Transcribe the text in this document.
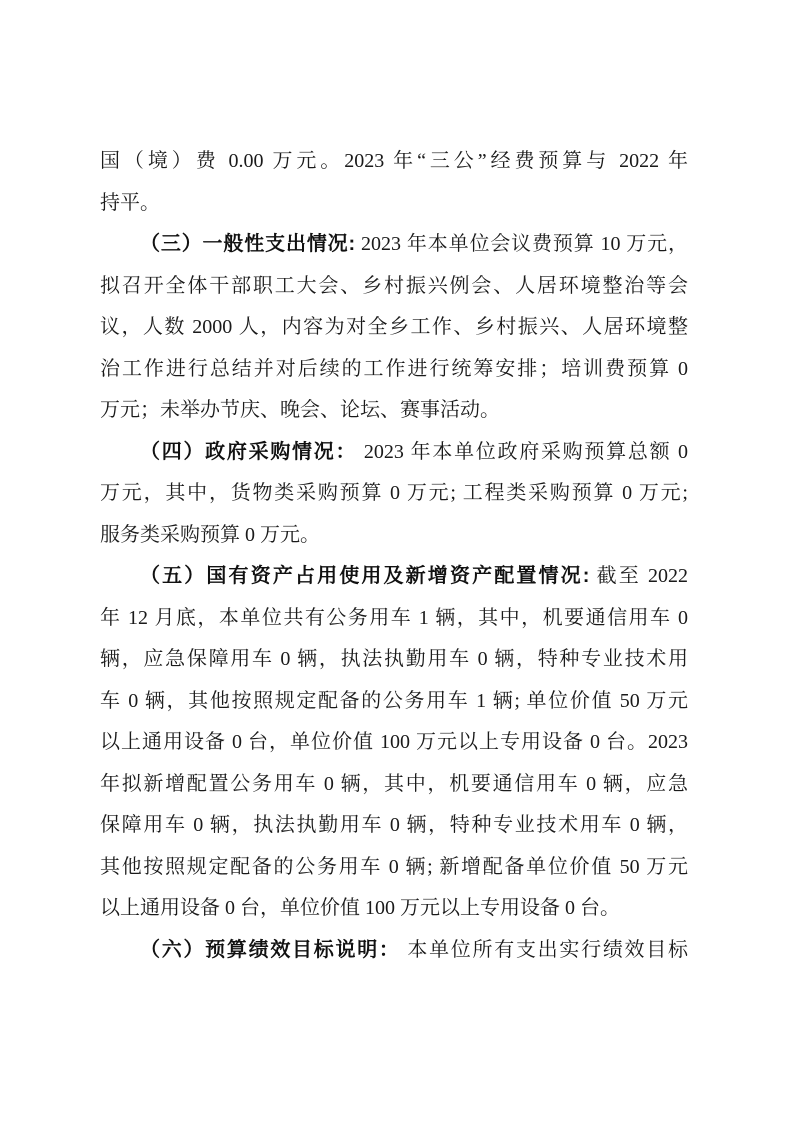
国（境）费 0.00 万元。2023 年“三公”经费预算与 2022 年
持平。
（三）一般性支出情况: 2023 年本单位会议费预算 10 万元，
拟召开全体干部职工大会、乡村振兴例会、人居环境整治等会
议，人数 2000 人，内容为对全乡工作、乡村振兴、人居环境整
治工作进行总结并对后续的工作进行统筹安排；培训费预算 0
万元；未举办节庆、晚会、论坛、赛事活动。
（四）政府采购情况： 2023 年本单位政府采购预算总额 0
万元，其中，货物类采购预算 0 万元; 工程类采购预算 0 万元;
服务类采购预算 0 万元。
（五）国有资产占用使用及新增资产配置情况: 截至 2022
年 12 月底，本单位共有公务用车 1 辆，其中，机要通信用车 0
辆，应急保障用车 0 辆，执法执勤用车 0 辆，特种专业技术用
车 0 辆，其他按照规定配备的公务用车 1 辆; 单位价值 50 万元
以上通用设备 0 台，单位价值 100 万元以上专用设备 0 台。2023
年拟新增配置公务用车 0 辆，其中，机要通信用车 0 辆，应急
保障用车 0 辆，执法执勤用车 0 辆，特种专业技术用车 0 辆，
其他按照规定配备的公务用车 0 辆; 新增配备单位价值 50 万元
以上通用设备 0 台，单位价值 100 万元以上专用设备 0 台。
（六）预算绩效目标说明： 本单位所有支出实行绩效目标
